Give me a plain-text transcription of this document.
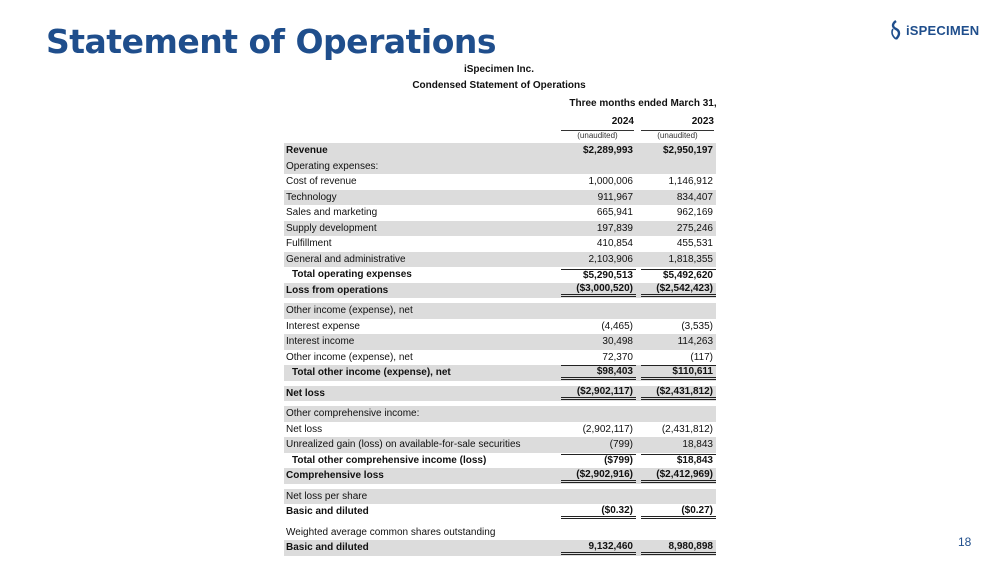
Statement of Operations	iSPECIMEN
iSpecimen Inc.
Condensed Statement of Operations
Three months ended March 31,
2024	2023
(unaudited)	(unaudited)
Revenue	$2,289,993	$2,950,197
Operating expenses:
Cost of revenue	1,000,006	1,146,912
Technology	911,967	834,407
Sales and marketing	665,941	962,169
Supply development	197,839	275,246
Fulfillment	410,854	455,531
General and administrative	2,103,906	1,818,355
Total operating expenses	$5,290,513	$5,492,620
Loss from operations	($3,000,520)	($2,542,423)
Other income (expense), net
Interest expense	(4,465)	(3,535)
Interest income	30,498	114,263
Other income (expense), net	72,370	(117)
Total other income (expense), net	$98,403	$110,611
Net loss	($2,902,117)	($2,431,812)
Other comprehensive income:
Net loss	(2,902,117)	(2,431,812)
Unrealized gain (loss) on available-for-sale securities	(799)	18,843
Total other comprehensive income (loss)	($799)	$18,843
Comprehensive loss	($2,902,916)	($2,412,969)
Net loss per share
Basic and diluted	($0.32)	($0.27)
Weighted average common shares outstanding
Basic and diluted	9,132,460	8,980,898	18
